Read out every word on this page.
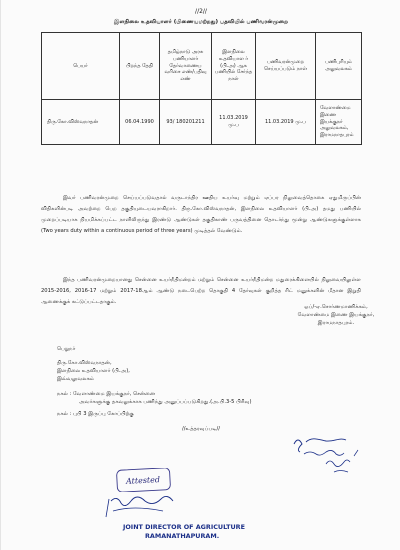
//2//
இளநிலை உதவியாளர் (பிணையமற்றது) பதவியில் பணிவரன்முறை
பெயர்	பிறந்த தேதி	தமிழ்நாடு அரசு பணியாளர் தேர்வாணைய வரிசை எண்/பதிவு எண்	இளநிலை உதவியாள ர் (பி.அ) ஆக பணியில் சேர்ந்த நாள்	பணிவரன்முறை செய்யப்படும் நாள்	பணிபுரியும் அலுவலகம்
திரு.கோ.விஸ்வநாதன்	06.04.1990	93/ 180201211	11.03.2019 மு.ப	11.03.2019 மு.ப	வேளாண்மை இணை இயக்குநர் அலுவலகம், இராமநாதபுரம்
இவர் பணிவரன்முறை செய்யப்படுவதால் வருடாந்திர ஊதிய உயர்வு மற்றும் ஏப்பர நிலுவைத்தொகை ஏதுமிருப்பின் விதிகளின்படி அவற்றை பெற தகுதியுடையவராகிறார். திரு.கோ.விஸ்வநாதன், இளநிலை உதவியாளர் (பி.அ) தமது பணியில் முறைப்படியாக நியமிக்கப்பட்ட நாளிலிருந்து இரண்டு ஆண்டுகள் தகுதிகாண் பருவத்தினை தொடர்ந்து மூன்று ஆண்டுகளுக்குள்ளாக (Two years duty within a continuous period of three years) முடித்தல் வேண்டும்.
இந்த பணிவரன்முறையானது சென்னை உயர்நீதிமன்றம் மற்றும் சென்னை உயர்நீதிமன்ற மதுரைக்கிளையில் நிலுவையிலுள்ள 2015-2016, 2016-17 மற்றும் 2017-18ஆம் ஆண்டு நடைபெற்ற தொகுதி 4 தேர்வுகள் குறித்த ரிட் மனுக்களின் மீதான இறுதி ஆணைக்குக் கட்டுப்பட்டதாகும்.
ஒப்/-ஏ.சொர்ணமாணிக்கம்,
வேளாண்மை இணை இயக்குநர்,
இராமநாதபுரம்.
பெறுநர்
திரு.கோ.விஸ்வநாதன்,
இளநிலை உதவியாளர் (பி.அ),
இவ்வலுவலகம்
நகல் : வேளாண்மை இயக்குநர், சென்னை
அவர்களுக்கு தகவலுக்காக பணிந்து அனுப்பப்படுகிறது.(அ.பி.3-5 பிரிவு)
நகல் : புபி 3 இருப்பு கோப்பிற்கு
//உத்தரவுப்படி//
Attested
JOINT DIRECTOR OF AGRICULTURE
RAMANATHAPURAM.
